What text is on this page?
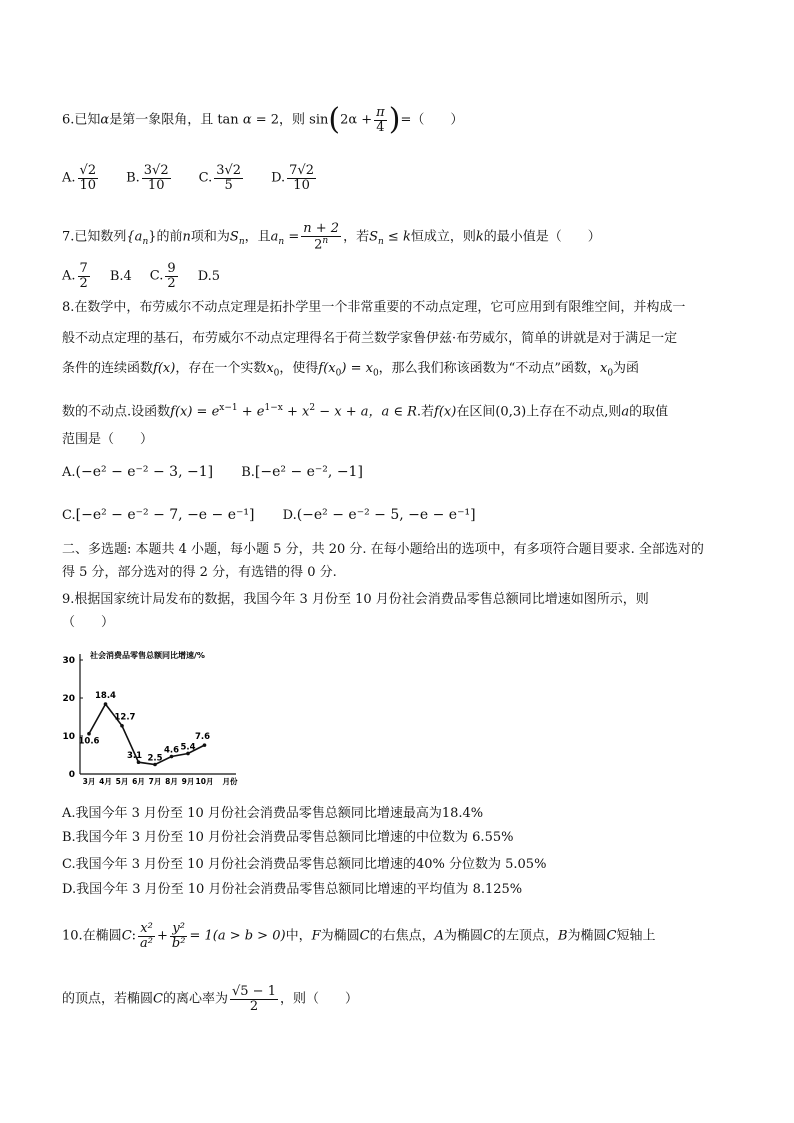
6.已知α是第一象限角，且 tan α = 2，则 $\sin(2\alpha + \frac{\pi}{4}$ )=（　　）
A. $\frac{√2}{10} B$. $\frac{3√2}{10} C$. $\frac{3√2}{5} D$. $\frac{7√2}{10}$
7.已知数列$\{a_n\}$的前n项和为$S_n$，且$a_n = \frac{n + 2}{2^n}$ ，若$S_n \le k$恒成立，则k的最小值是（　　）
A. $\frac{7}{2} B.4$ C. $\frac{9}{2} D.5$
8.在数学中，布劳威尔不动点定理是拓扑学里一个非常重要的不动点定理，它可应用到有限维空间，并构成一
般不动点定理的基石，布劳威尔不动点定理得名于荷兰数学家鲁伊兹·布劳威尔，简单的讲就是对于满足一定
条件的连续函数f(x)，存在一个实数$x_0$，使得$f(x_0) = x_0$，那么我们称该函数为“不动点”函数，$x_0$为函
数的不动点.设函数$f(x) = e^{x-1} + e^{1-x} + x^2 - x + a$，a ∈ R.若f(x)在区间(0,3)上存在不动点,则a的取值
范围是（　　）
A.(−e² − e⁻² − 3, −1] B.[−e² − e⁻², −1]
C.[−e² − e⁻² − 7, −e − e⁻¹] D.(−e² − e⁻² − 5, −e − e⁻¹]
二、多选题: 本题共 4 小题，每小题 5 分，共 20 分. 在每小题给出的选项中，有多项符合题目要求. 全部选对的
得 5 分，部分选对的得 2 分，有选错的得 0 分.
9.根据国家统计局发布的数据，我国今年 3 月份至 10 月份社会消费品零售总额同比增速如图所示，则
（　　）
0
10
20
30
社会消费品零售总额同比增速/%
10.6
18.4
12.7
3.1 2.5
4.6 5.4
7.6
3月 4月 5月 6月 7月 8月 9月 10月 月份
A.我国今年 3 月份至 10 月份社会消费品零售总额同比增速最高为18.4%
B.我国今年 3 月份至 10 月份社会消费品零售总额同比增速的中位数为 6.55%
C.我国今年 3 月份至 10 月份社会消费品零售总额同比增速的40% 分位数为 5.05%
D.我国今年 3 月份至 10 月份社会消费品零售总额同比增速的平均值为 8.125%
10.在椭圆C: $\frac{\text{x²}}{\text{a²}} + \frac{\text{y²}}{\text{b²}} = 1(a > b > 0)$中，F为椭圆C的右焦点，A为椭圆C的左顶点，B为椭圆C短轴上
的顶点，若椭圆C的离心率为 $\frac{√5 - 1}{2}$ ，则（　　）
